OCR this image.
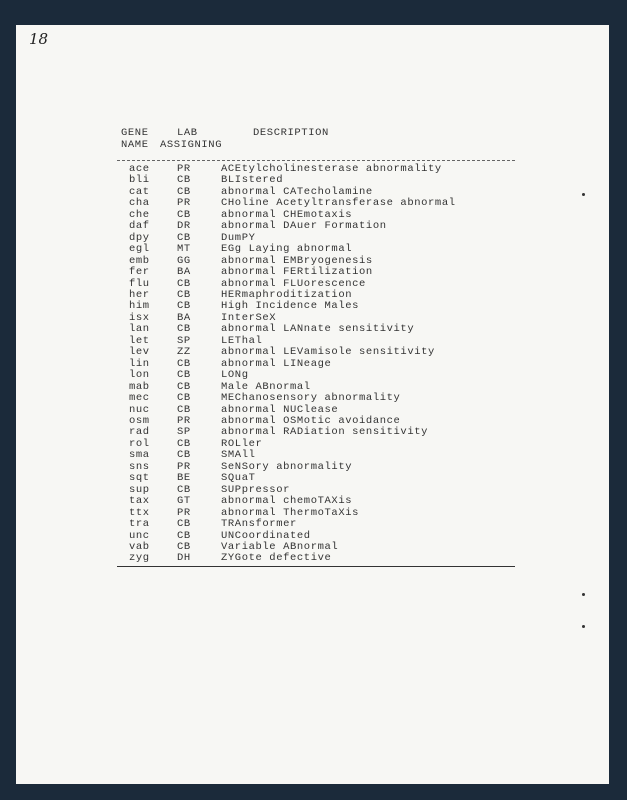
18
GENE	LAB	DESCRIPTION
NAME ASSIGNING
ace	PR	ACEtylcholinesterase abnormality
bli	CB	BLIstered
cat	CB	abnormal CATecholamine
cha	PR	CHoline Acetyltransferase abnormal
che	CB	abnormal CHEmotaxis
daf	DR	abnormal DAuer Formation
dpy	CB	DumPY
egl	MT	EGg Laying abnormal
emb	GG	abnormal EMBryogenesis
fer	BA	abnormal FERtilization
flu	CB	abnormal FLUorescence
her	CB	HERmaphroditization
him	CB	High Incidence Males
isx	BA	InterSeX
lan	CB	abnormal LANnate sensitivity
let	SP	LEThal
lev	ZZ	abnormal LEVamisole sensitivity
lin	CB	abnormal LINeage
lon	CB	LONg
mab	CB	Male ABnormal
mec	CB	MEChanosensory abnormality
nuc	CB	abnormal NUClease
osm	PR	abnormal OSMotic avoidance
rad	SP	abnormal RADiation sensitivity
rol	CB	ROLler
sma	CB	SMAll
sns	PR	SeNSory abnormality
sqt	BE	SQuaT
sup	CB	SUPpressor
tax	GT	abnormal chemoTAXis
ttx	PR	abnormal ThermoTaXis
tra	CB	TRAnsformer
unc	CB	UNCoordinated
vab	CB	Variable ABnormal
zyg	DH	ZYGote defective
